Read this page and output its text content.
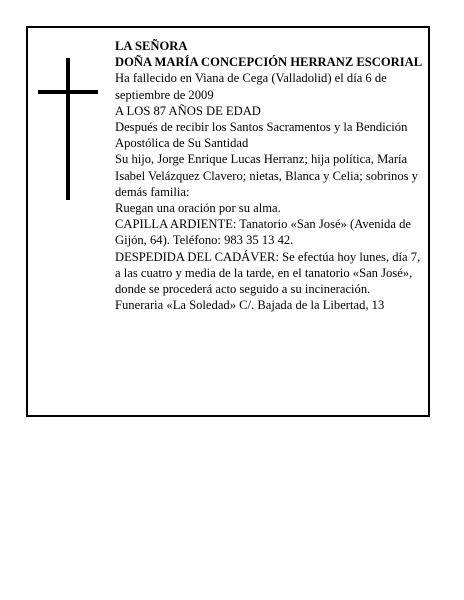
LA SEÑORA

DOÑA MARÍA CONCEPCIÓN HERRANZ ESCORIAL

Ha fallecido en Viana de Cega (Valladolid) el día 6 de septiembre de 2009

A LOS 87 AÑOS DE EDAD

Después de recibir los Santos Sacramentos y la Bendición Apostólica de Su Santidad

Su hijo, Jorge Enrique Lucas Herranz; hija política, María Isabel Velázquez Clavero; nietas, Blanca y Celia; sobrinos y demás familia:

Ruegan una oración por su alma.

CAPILLA ARDIENTE: Tanatorio «San José» (Avenida de Gijón, 64). Teléfono: 983 35 13 42.

DESPEDIDA DEL CADÁVER: Se efectúa hoy lunes, día 7, a las cuatro y media de la tarde, en el tanatorio «San José», donde se procederá acto seguido a su incineración.

Funeraria «La Soledad» C/. Bajada de la Libertad, 13
